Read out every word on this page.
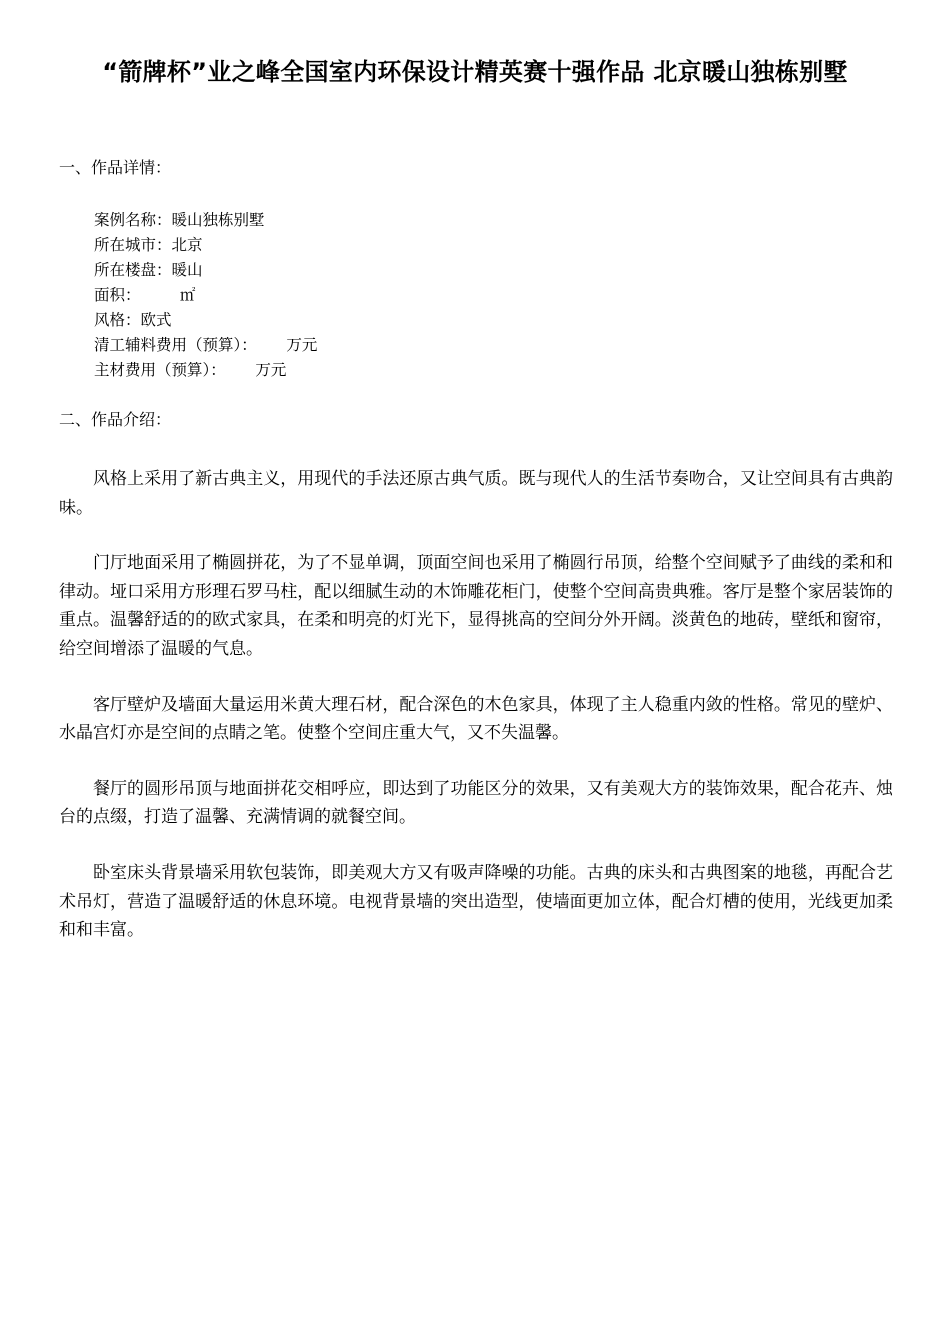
“箭牌杯”业之峰全国室内环保设计精英赛十强作品 北京暖山独栋别墅
一、作品详情：
案例名称：暖山独栋别墅
所在城市：北京
所在楼盘：暖山
面积：        ㎡
风格：欧式
清工辅料费用（预算）：      万元
主材费用（预算）：      万元
二、作品介绍：

风格上采用了新古典主义，用现代的手法还原古典气质。既与现代人的生活节奏吻合，又让空间具有古典韵味。

门厅地面采用了椭圆拼花，为了不显单调，顶面空间也采用了椭圆行吊顶，给整个空间赋予了曲线的柔和和律动。垭口采用方形理石罗马柱，配以细腻生动的木饰雕花柜门，使整个空间高贵典雅。客厅是整个家居装饰的重点。温馨舒适的的欧式家具，在柔和明亮的灯光下，显得挑高的空间分外开阔。淡黄色的地砖，壁纸和窗帘，给空间增添了温暖的气息。

客厅壁炉及墙面大量运用米黄大理石材，配合深色的木色家具，体现了主人稳重内敛的性格。常见的壁炉、水晶宫灯亦是空间的点睛之笔。使整个空间庄重大气，又不失温馨。

餐厅的圆形吊顶与地面拼花交相呼应，即达到了功能区分的效果，又有美观大方的装饰效果，配合花卉、烛台的点缀，打造了温馨、充满情调的就餐空间。

卧室床头背景墙采用软包装饰，即美观大方又有吸声降噪的功能。古典的床头和古典图案的地毯，再配合艺术吊灯，营造了温暖舒适的休息环境。电视背景墙的突出造型，使墙面更加立体，配合灯槽的使用，光线更加柔和和丰富。
